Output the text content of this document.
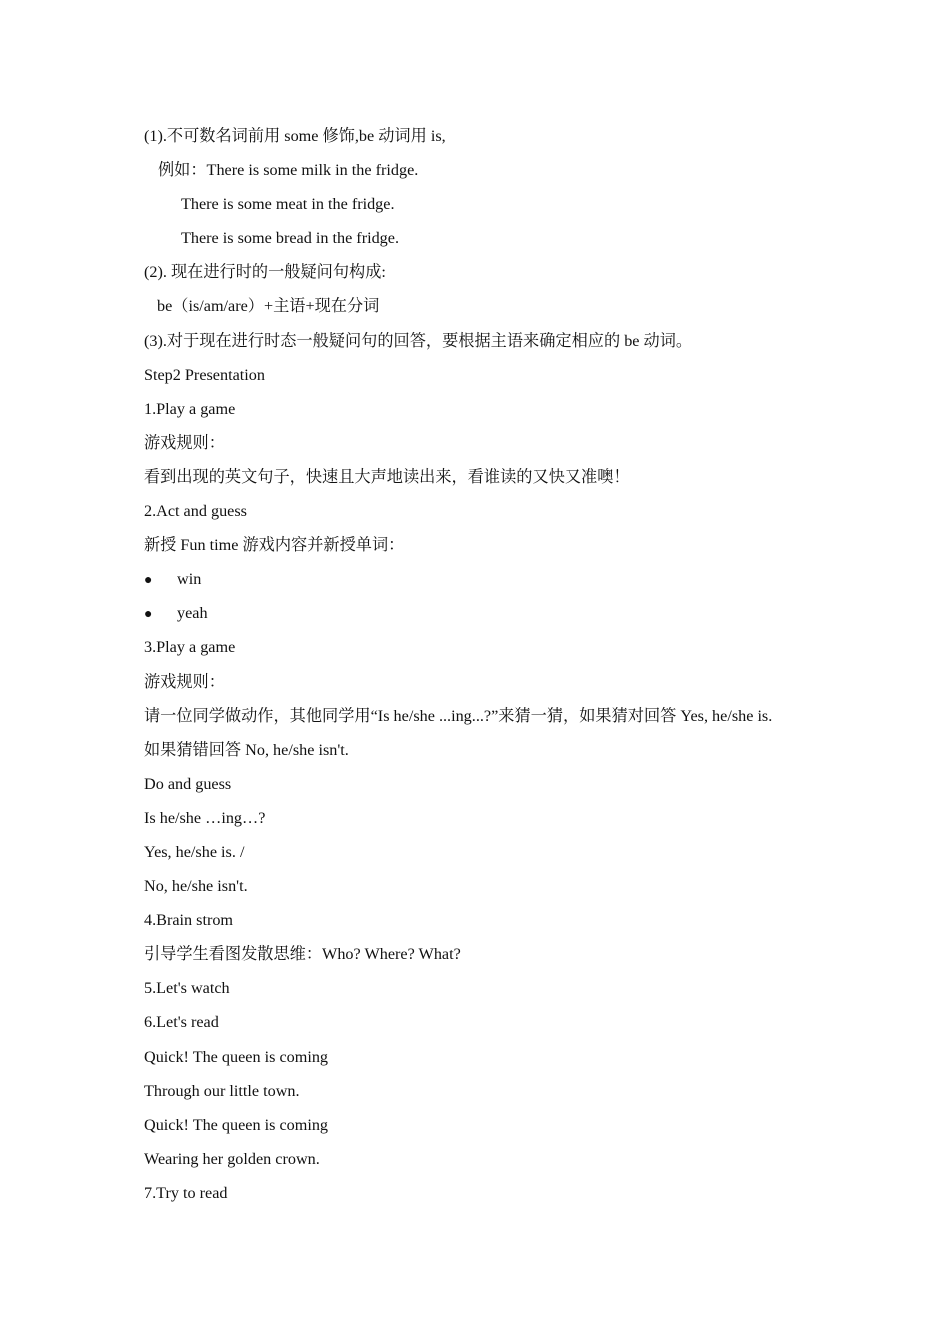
(1).不可数名词前用 some 修饰,be 动词用 is,
例如：There is some milk in the fridge.
There is some meat in the fridge.
There is some bread in the fridge.
(2). 现在进行时的一般疑问句构成:
be（is/am/are）+主语+现在分词
(3).对于现在进行时态一般疑问句的回答，要根据主语来确定相应的 be 动词。
Step2 Presentation
1.Play a game
游戏规则：
看到出现的英文句子，快速且大声地读出来，看谁读的又快又准噢！
2.Act and guess
新授 Fun time 游戏内容并新授单词：
● win
● yeah
3.Play a game
游戏规则：
请一位同学做动作，其他同学用“Is he/she ...ing...?”来猜一猜，如果猜对回答 Yes, he/she is.
如果猜错回答 No, he/she isn't.
Do and guess
Is he/she …ing…?
Yes, he/she is. /
No, he/she isn't.
4.Brain strom
引导学生看图发散思维：Who? Where? What?
5.Let's watch
6.Let's read
Quick! The queen is coming
Through our little town.
Quick! The queen is coming
Wearing her golden crown.
7.Try to read
